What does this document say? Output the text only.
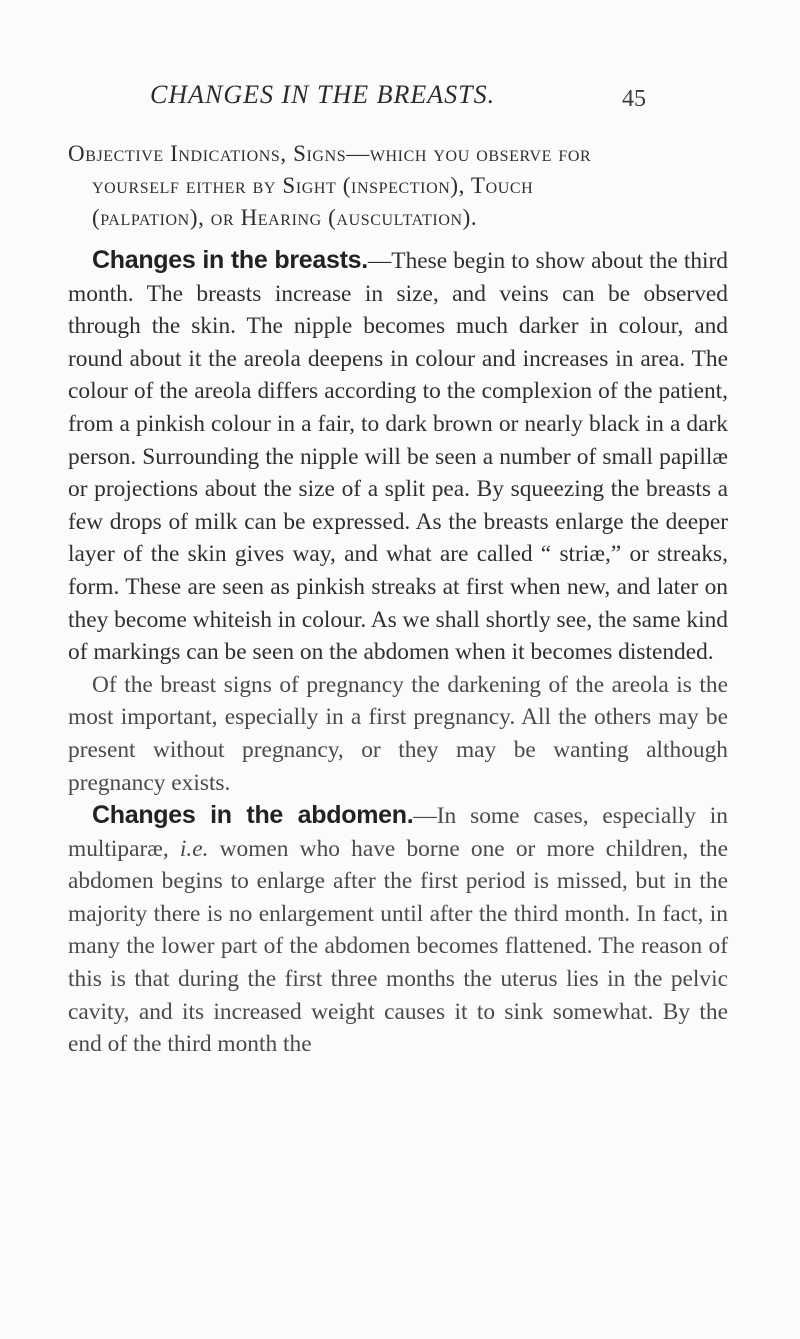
CHANGES IN THE BREASTS.	45
Objective Indications, Signs—which you observe for
yourself either by Sight (inspection), Touch
(palpation), or Hearing (auscultation).

Changes in the breasts.—These begin to show about the third month. The breasts increase in size, and veins can be observed through the skin. The nipple becomes much darker in colour, and round about it the areola deepens in colour and increases in area. The colour of the areola differs according to the complexion of the patient, from a pinkish colour in a fair, to dark brown or nearly black in a dark person. Surrounding the nipple will be seen a number of small papillæ or projections about the size of a split pea. By squeezing the breasts a few drops of milk can be expressed. As the breasts enlarge the deeper layer of the skin gives way, and what are called “ striæ,” or streaks, form. These are seen as pinkish streaks at first when new, and later on they become whiteish in colour. As we shall shortly see, the same kind of markings can be seen on the abdomen when it becomes distended.

Of the breast signs of pregnancy the darkening of the areola is the most important, especially in a first pregnancy. All the others may be present without pregnancy, or they may be wanting although pregnancy exists.

Changes in the abdomen.—In some cases, especially in multiparæ, i.e. women who have borne one or more children, the abdomen begins to enlarge after the first period is missed, but in the majority there is no enlargement until after the third month. In fact, in many the lower part of the abdomen becomes flattened. The reason of this is that during the first three months the uterus lies in the pelvic cavity, and its increased weight causes it to sink somewhat. By the end of the third month the
